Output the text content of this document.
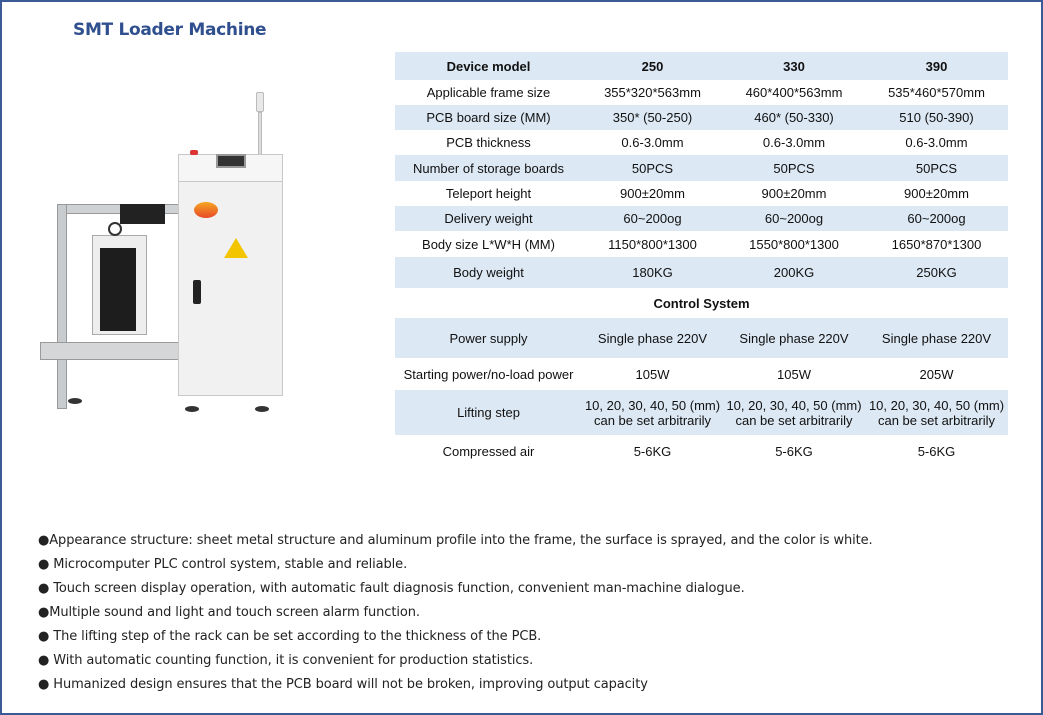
SMT Loader Machine
Device model	250	330	390
Applicable frame size	355*320*563mm	460*400*563mm	535*460*570mm
PCB board size (MM)	350* (50-250)	460* (50-330)	510 (50-390)
PCB thickness	0.6-3.0mm	0.6-3.0mm	0.6-3.0mm
Number of storage boards	50PCS	50PCS	50PCS
Teleport height	900±20mm	900±20mm	900±20mm
Delivery weight	60~200og	60~200og	60~200og
Body size L*W*H (MM)	1150*800*1300	1550*800*1300	1650*870*1300
Body weight	180KG	200KG	250KG
Control System			
Power supply	Single phase 220V	Single phase 220V	Single phase 220V
Starting power/no-load power	105W	105W	205W
Lifting step	10, 20, 30, 40, 50 (mm) can be set arbitrarily	10, 20, 30, 40, 50 (mm) can be set arbitrarily	10, 20, 30, 40, 50 (mm) can be set arbitrarily
Compressed air	5-6KG	5-6KG	5-6KG
●Appearance structure: sheet metal structure and aluminum profile into the frame, the surface is sprayed, and the color is white.
● Microcomputer PLC control system, stable and reliable.
● Touch screen display operation, with automatic fault diagnosis function, convenient man-machine dialogue.
●Multiple sound and light and touch screen alarm function.
● The lifting step of the rack can be set according to the thickness of the PCB.
● With automatic counting function, it is convenient for production statistics.
● Humanized design ensures that the PCB board will not be broken, improving output capacity
